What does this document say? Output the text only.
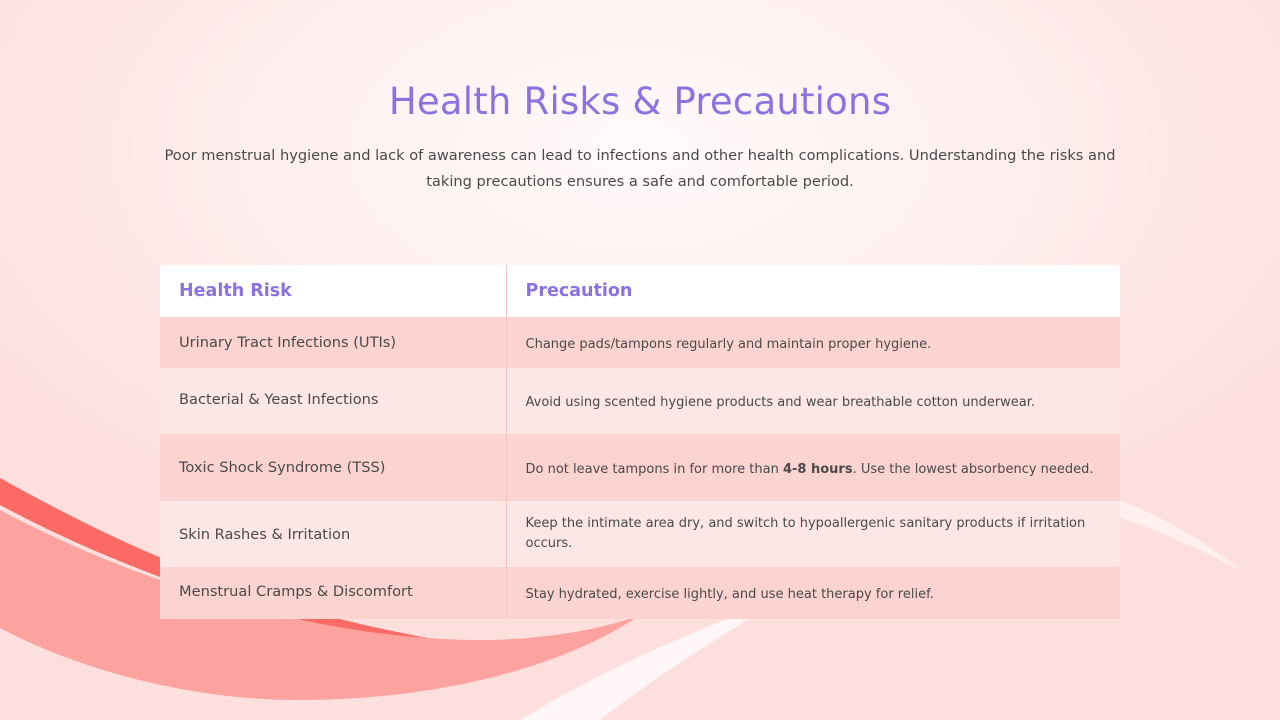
Health Risks & Precautions

Poor menstrual hygiene and lack of awareness can lead to infections and other health complications. Understanding the risks and taking precautions ensures a safe and comfortable period.

Health Risk	Precaution
Urinary Tract Infections (UTIs)	Change pads/tampons regularly and maintain proper hygiene.
Bacterial & Yeast Infections	Avoid using scented hygiene products and wear breathable cotton underwear.
Toxic Shock Syndrome (TSS)	Do not leave tampons in for more than 4-8 hours. Use the lowest absorbency needed.
Skin Rashes & Irritation	Keep the intimate area dry, and switch to hypoallergenic sanitary products if irritation occurs.
Menstrual Cramps & Discomfort	Stay hydrated, exercise lightly, and use heat therapy for relief.
